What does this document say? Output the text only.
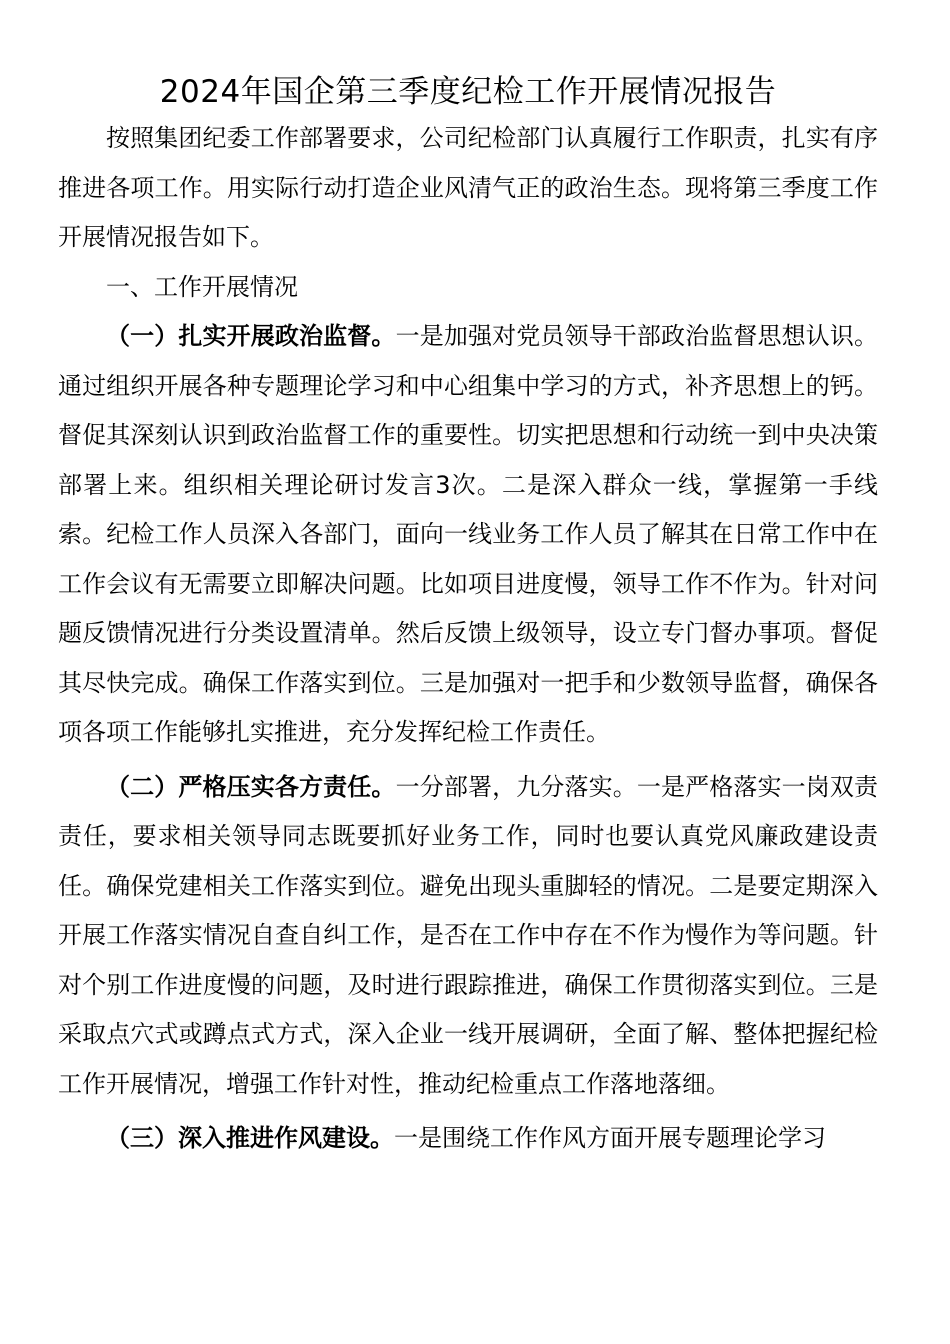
2024年国企第三季度纪检工作开展情况报告

按照集团纪委工作部署要求，公司纪检部门认真履行工作职责，扎实有序推进各项工作。用实际行动打造企业风清气正的政治生态。现将第三季度工作开展情况报告如下。

一、工作开展情况

（一）扎实开展政治监督。一是加强对党员领导干部政治监督思想认识。通过组织开展各种专题理论学习和中心组集中学习的方式，补齐思想上的钙。督促其深刻认识到政治监督工作的重要性。切实把思想和行动统一到中央决策部署上来。组织相关理论研讨发言3次。二是深入群众一线，掌握第一手线索。纪检工作人员深入各部门，面向一线业务工作人员了解其在日常工作中在工作会议有无需要立即解决问题。比如项目进度慢，领导工作不作为。针对问题反馈情况进行分类设置清单。然后反馈上级领导，设立专门督办事项。督促其尽快完成。确保工作落实到位。三是加强对一把手和少数领导监督，确保各项各项工作能够扎实推进，充分发挥纪检工作责任。

（二）严格压实各方责任。一分部署，九分落实。一是严格落实一岗双责责任，要求相关领导同志既要抓好业务工作，同时也要认真党风廉政建设责任。确保党建相关工作落实到位。避免出现头重脚轻的情况。二是要定期深入开展工作落实情况自查自纠工作，是否在工作中存在不作为慢作为等问题。针对个别工作进度慢的问题，及时进行跟踪推进，确保工作贯彻落实到位。三是采取点穴式或蹲点式方式，深入企业一线开展调研，全面了解、整体把握纪检工作开展情况，增强工作针对性，推动纪检重点工作落地落细。

（三）深入推进作风建设。一是围绕工作作风方面开展专题理论学习
